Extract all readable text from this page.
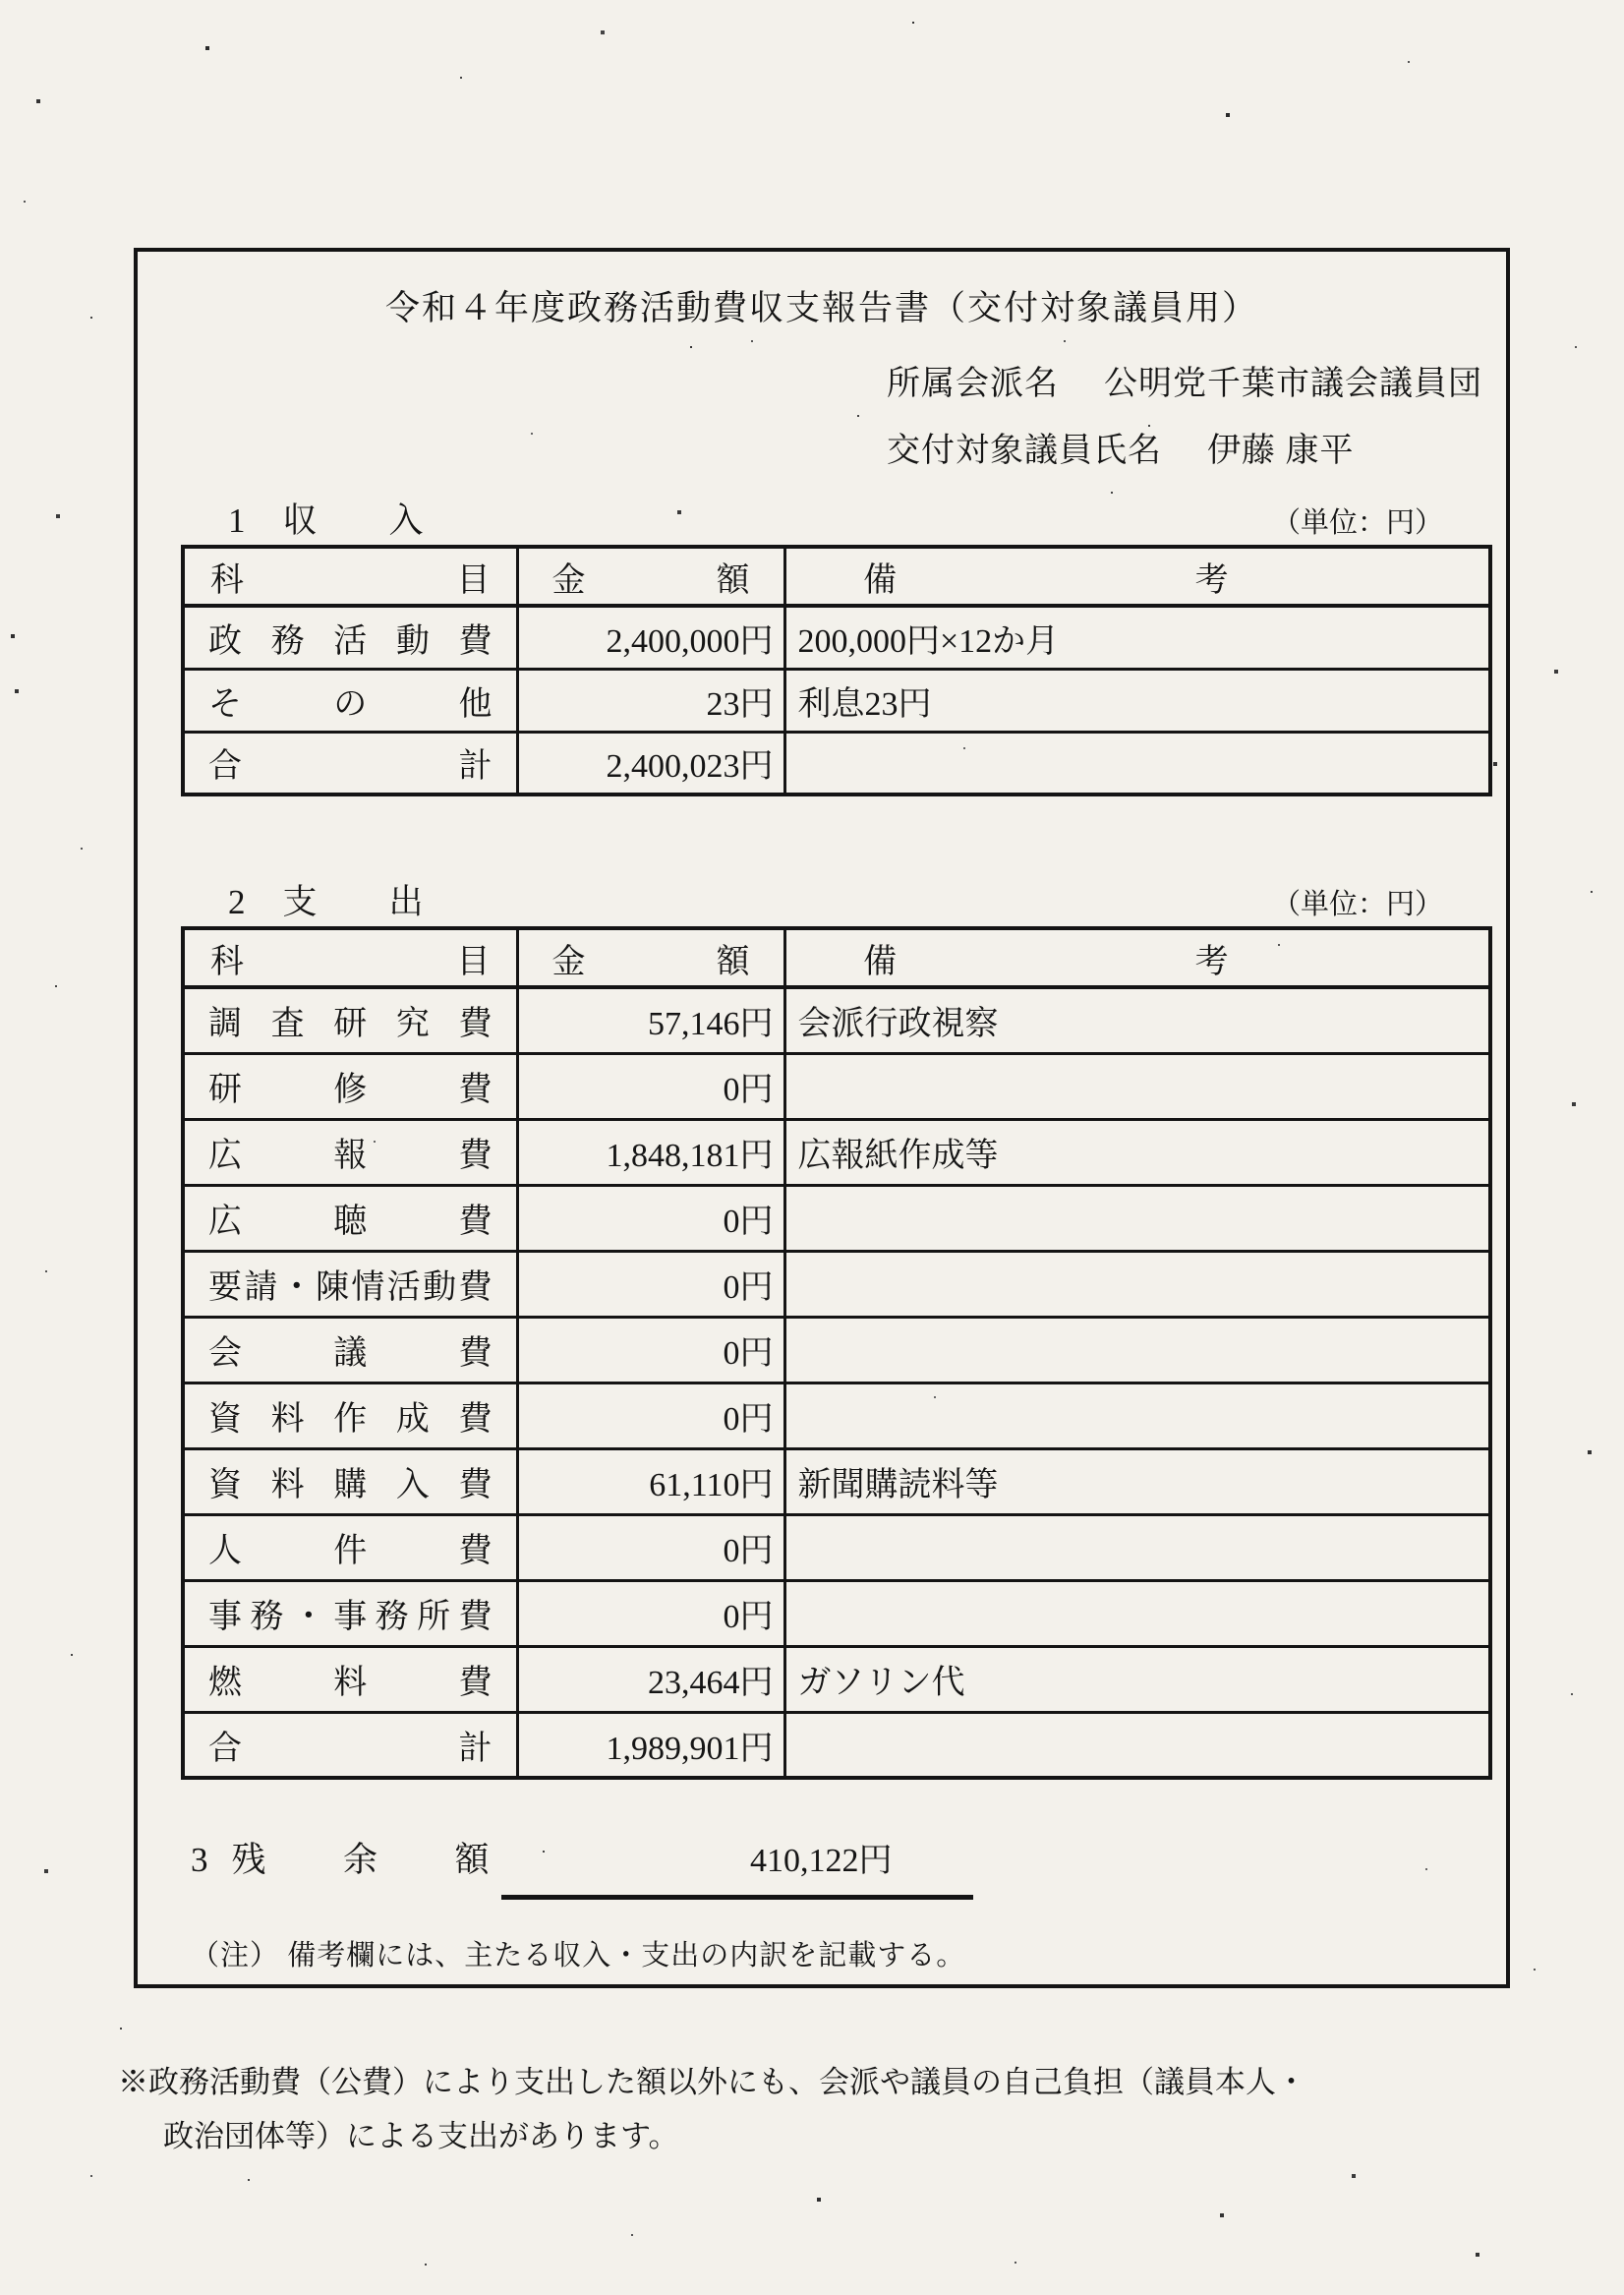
令和４年度政務活動費収支報告書（交付対象議員用）
所属会派名 公明党千葉市議会議員団
交付対象議員氏名 伊藤 康平
1 収　　入	（単位：円）
科目	金額	備考
政務活動費	2,400,000円	200,000円×12か月
その他	23円	利息23円
合計	2,400,023円	
2 支　　出	（単位：円）
科目	金額	備考
調査研究費	57,146円	会派行政視察
研修費	0円	
広報費	1,848,181円	広報紙作成等
広聴費	0円	
要請・陳情活動費	0円	
会議費	0円	
資料作成費	0円	
資料購入費	61,110円	新聞購読料等
人件費	0円	
事務・事務所費	0円	
燃料費	23,464円	ガソリン代
合計	1,989,901円	
3 残余額	410,122円
（注） 備考欄には、主たる収入・支出の内訳を記載する。
※政務活動費（公費）により支出した額以外にも、会派や議員の自己負担（議員本人・
政治団体等）による支出があります。
